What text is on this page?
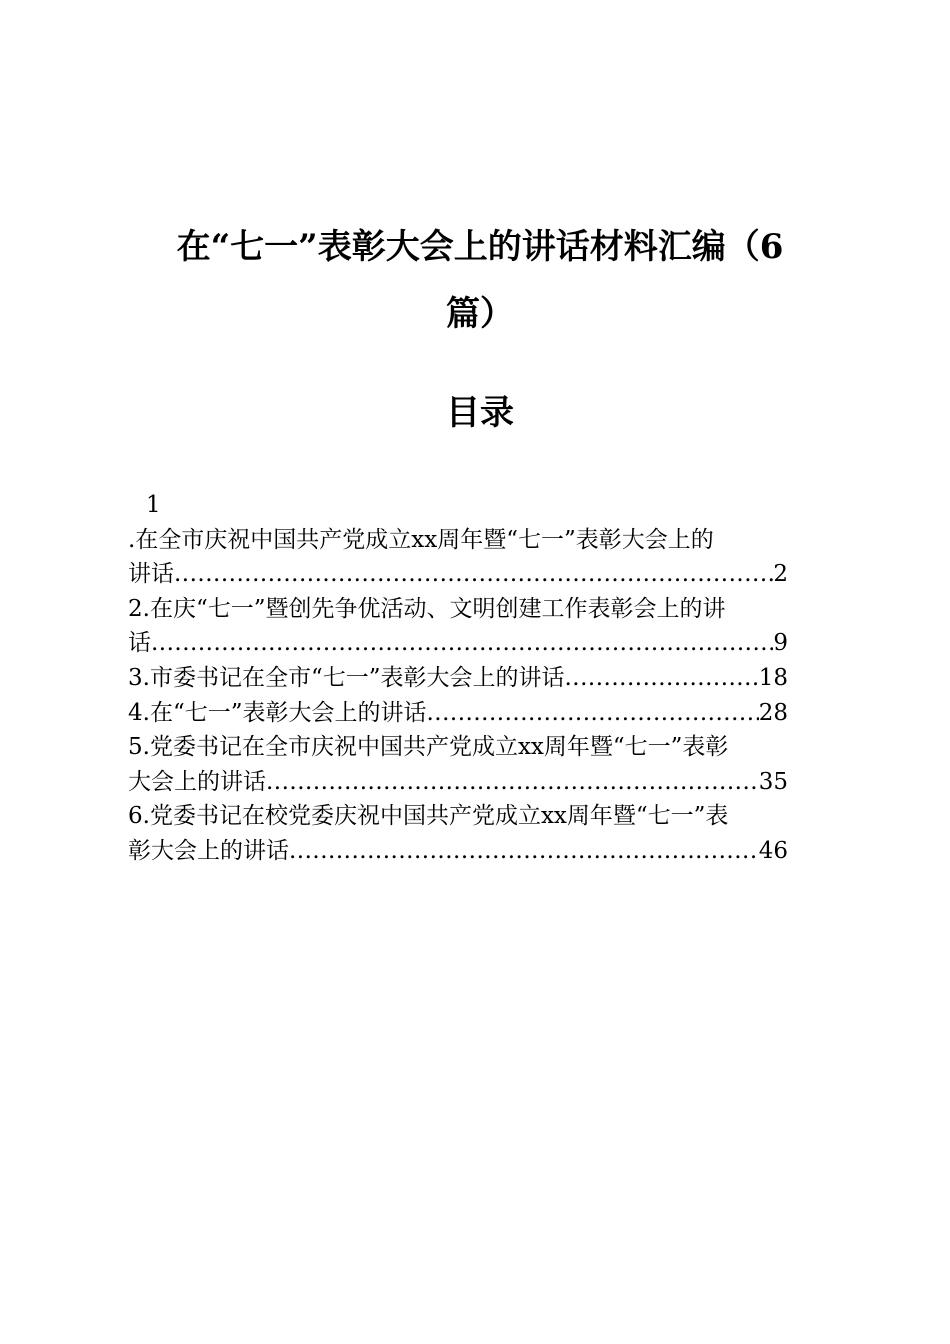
在“七一”表彰大会上的讲话材料汇编（6
篇）
目录
1
.在全市庆祝中国共产党成立xx周年暨“七一”表彰大会上的
讲话 .....	2
2.在庆“七一”暨创先争优活动、文明创建工作表彰会上的讲
话 .....	9
3.市委书记在全市“七一”表彰大会上的讲话 .....	18
4.在“七一”表彰大会上的讲话 .....	28
5.党委书记在全市庆祝中国共产党成立xx周年暨“七一”表彰
大会上的讲话 .....	35
6.党委书记在校党委庆祝中国共产党成立xx周年暨“七一”表
彰大会上的讲话 .....	46
